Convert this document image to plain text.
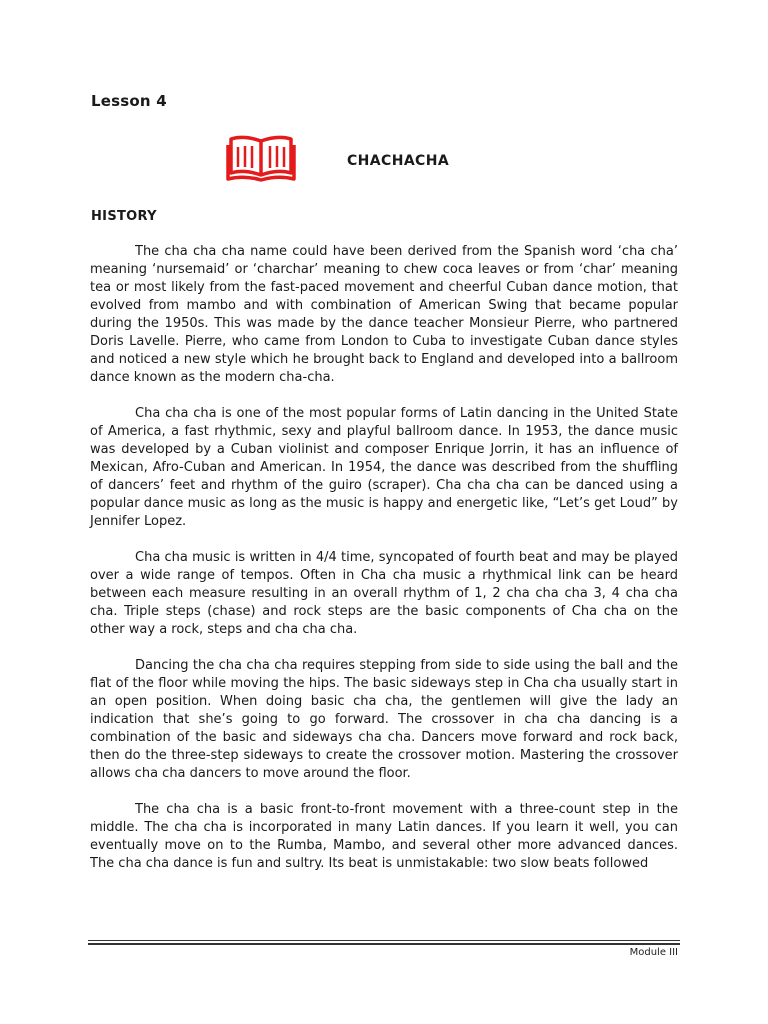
Lesson 4
CHACHACHA
HISTORY

The cha cha cha name could have been derived from the Spanish word ‘cha cha’ meaning ‘nursemaid’ or ‘charchar’ meaning to chew coca leaves or from ‘char’ meaning tea or most likely from the fast-paced movement and cheerful Cuban dance motion, that evolved from mambo and with combination of American Swing that became popular during the 1950s. This was made by the dance teacher Monsieur Pierre, who partnered Doris Lavelle. Pierre, who came from London to Cuba to investigate Cuban dance styles and noticed a new style which he brought back to England and developed into a ballroom dance known as the modern cha-cha.

Cha cha cha is one of the most popular forms of Latin dancing in the United State of America, a fast rhythmic, sexy and playful ballroom dance. In 1953, the dance music was developed by a Cuban violinist and composer Enrique Jorrin, it has an influence of Mexican, Afro-Cuban and American. In 1954, the dance was described from the shuffling of dancers’ feet and rhythm of the guiro (scraper). Cha cha cha can be danced using a popular dance music as long as the music is happy and energetic like, “Let’s get Loud” by Jennifer Lopez.

Cha cha music is written in 4/4 time, syncopated of fourth beat and may be played over a wide range of tempos. Often in Cha cha music a rhythmical link can be heard between each measure resulting in an overall rhythm of 1, 2 cha cha cha 3, 4 cha cha cha. Triple steps (chase) and rock steps are the basic components of Cha cha on the other way a rock, steps and cha cha cha.

Dancing the cha cha cha requires stepping from side to side using the ball and the flat of the floor while moving the hips. The basic sideways step in Cha cha usually start in an open position. When doing basic cha cha, the gentlemen will give the lady an indication that she’s going to go forward. The crossover in cha cha dancing is a combination of the basic and sideways cha cha. Dancers move forward and rock back, then do the three-step sideways to create the crossover motion. Mastering the crossover allows cha cha dancers to move around the floor.

The cha cha is a basic front-to-front movement with a three-count step in the middle. The cha cha is incorporated in many Latin dances. If you learn it well, you can eventually move on to the Rumba, Mambo, and several other more advanced dances. The cha cha dance is fun and sultry. Its beat is unmistakable: two slow beats followed

Module III
